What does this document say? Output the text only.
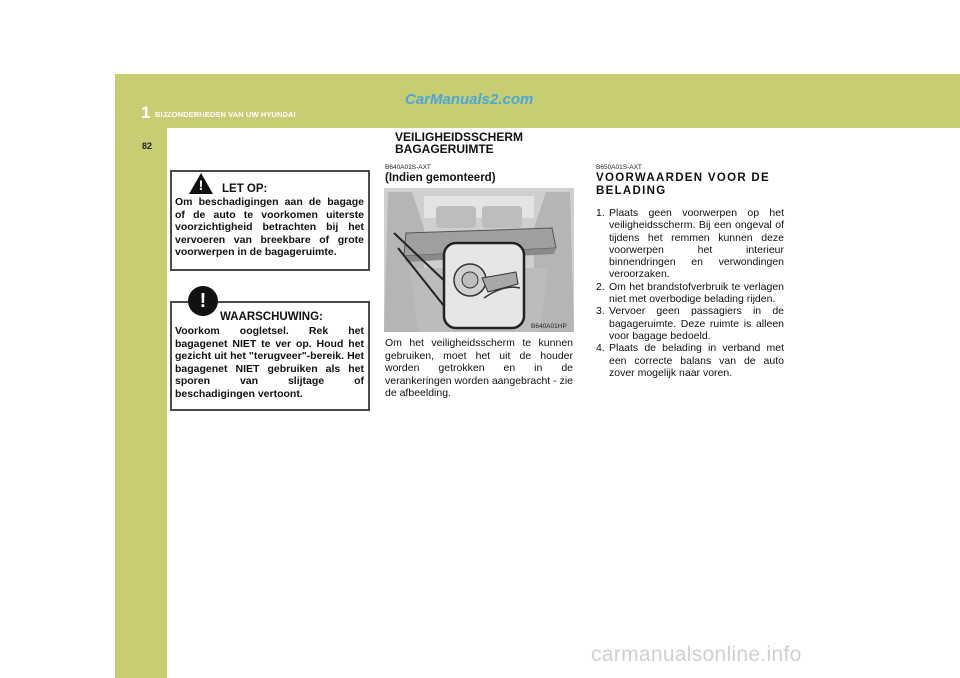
1 BIJZONDERHEDEN VAN UW HYUNDAI
CarManuals2.com
82
VEILIGHEIDSSCHERM
BAGAGERUIMTE
! LET OP:
Om beschadigingen aan de bagage of de auto te voorkomen uiterste voorzichtigheid betrachten bij het vervoeren van breekbare of grote voorwerpen in de bagageruimte.
!
WAARSCHUWING:
Voorkom oogletsel. Rek het bagagenet NIET te ver op. Houd het gezicht uit het "terugveer"-bereik. Het bagagenet NIET gebruiken als het sporen van slijtage of beschadigingen vertoont.
B640A01S-AXT
(Indien gemonteerd)
B640A01HP
Om het veiligheidsscherm te kunnen gebruiken, moet het uit de houder worden getrokken en in de verankeringen worden aangebracht - zie de afbeelding.
B650A01S-AXT
VOORWAARDEN VOOR DE BELADING
1. Plaats geen voorwerpen op het veiligheidsscherm. Bij een ongeval of tijdens het remmen kunnen deze voorwerpen het interieur binnendringen en verwondingen veroorzaken.
2. Om het brandstofverbruik te verlagen niet met overbodige belading rijden.
3. Vervoer geen passagiers in de bagageruimte. Deze ruimte is alleen voor bagage bedoeld.
4. Plaats de belading in verband met een correcte balans van de auto zover mogelijk naar voren.
carmanualsonline.info
